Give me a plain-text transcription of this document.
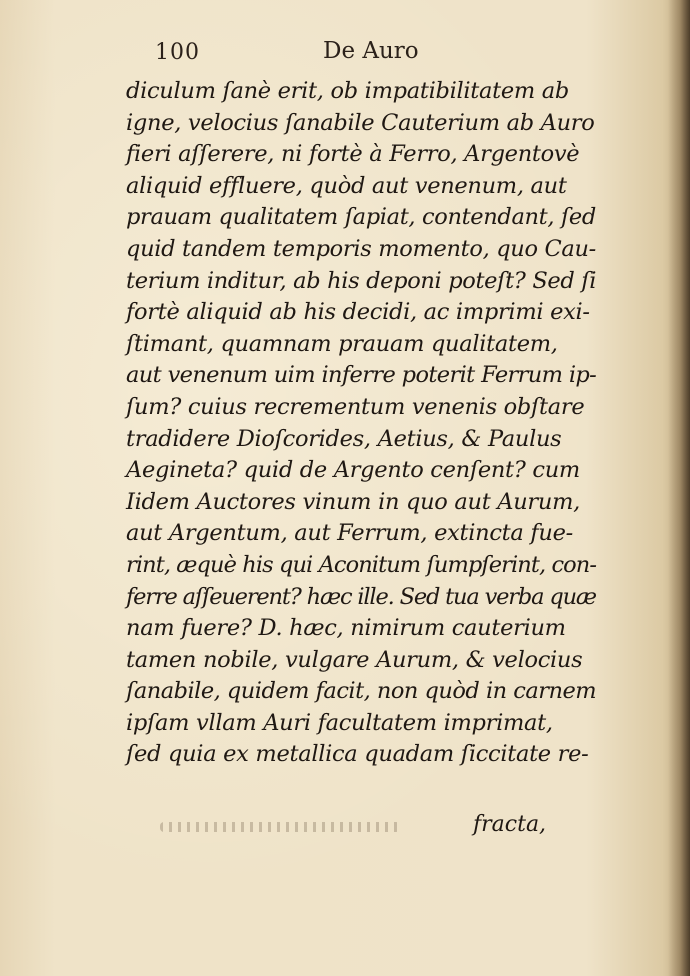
100	De Auro
diculum ſanè erit, ob impatibilitatem ab
igne, velocius ſanabile Cauterium ab Auro
fieri aſſerere, ni fortè à Ferro, Argentovè
aliquid effluere, quòd aut venenum, aut
prauam qualitatem ſapiat, contendant, ſed
quid tandem temporis momento, quo Cau-
terium inditur, ab his deponi poteſt? Sed ſi
fortè aliquid ab his decidi, ac imprimi exi-
ſtimant, quamnam prauam qualitatem,
aut venenum uim inferre poterit Ferrum ip-
ſum? cuius recrementum venenis obſtare
tradidere Dioſcorides, Aetius, & Paulus
Aegineta? quid de Argento cenſent? cum
Iidem Auctores vinum in quo aut Aurum,
aut Argentum, aut Ferrum, extincta fue-
rint, æquè his qui Aconitum ſumpſerint, con-
ferre aſſeuerent? hæc ille. Sed tua verba quæ
nam fuere? D. hæc, nimirum cauterium
tamen nobile, vulgare Aurum, & velocius
ſanabile, quidem facit, non quòd in carnem
ipſam vllam Auri facultatem imprimat,
ſed quia ex metallica quadam ſiccitate re-
fracta,
